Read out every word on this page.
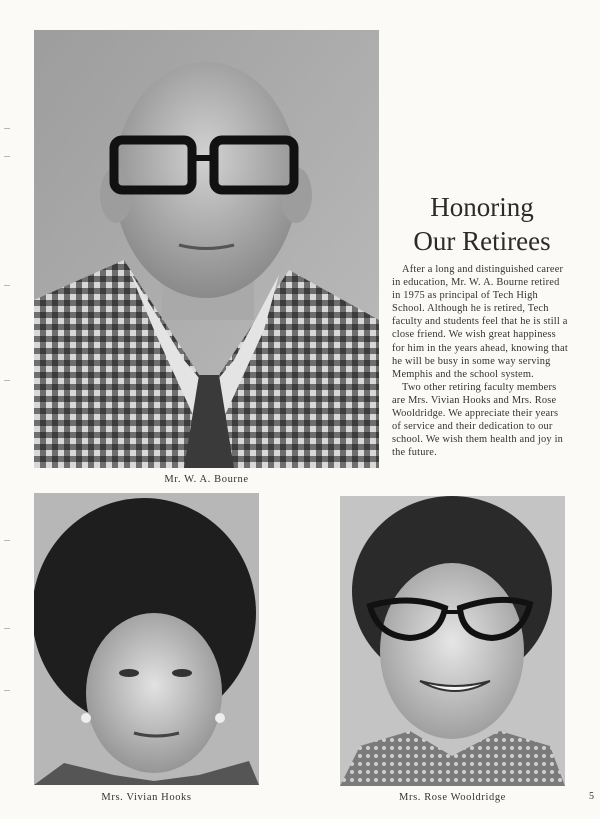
Mr. W. A. Bourne
Honoring
Our Retirees

After a long and distinguished career in education, Mr. W. A. Bourne retired in 1975 as principal of Tech High School. Although he is retired, Tech faculty and students feel that he is still a close friend. We wish great happiness for him in the years ahead, knowing that he will be busy in some way serving Memphis and the school system.

Two other retiring faculty members are Mrs. Vivian Hooks and Mrs. Rose Wooldridge. We appreciate their years of service and their dedication to our school. We wish them health and joy in the future.

Mrs. Vivian Hooks	Mrs. Rose Wooldridge	5
